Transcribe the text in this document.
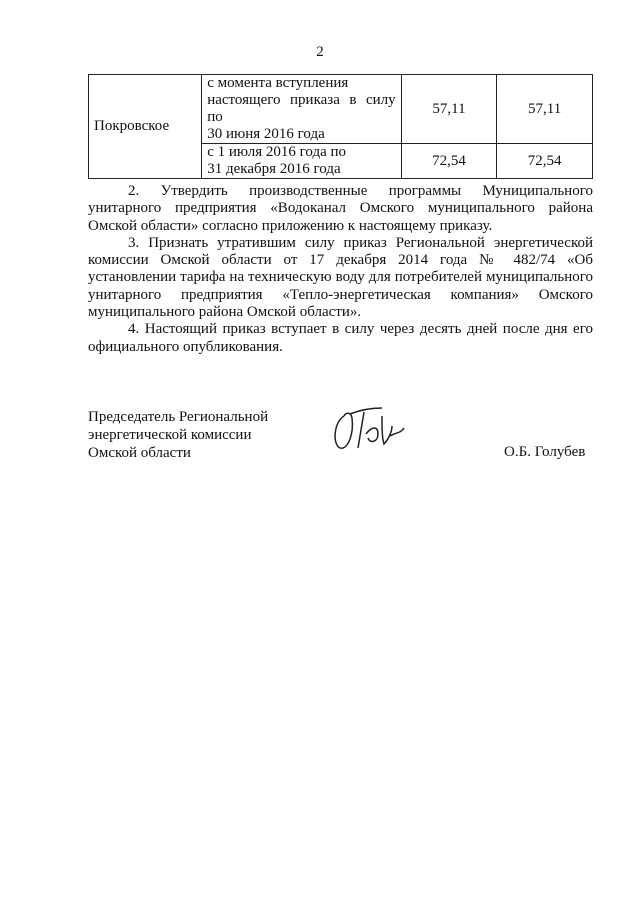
2
Покровское	с момента вступления
настоящего приказа в силу по
30 июня 2016 года	57,11	57,11
	с 1 июля 2016 года по
31 декабря 2016 года	72,54	72,54

2. Утвердить производственные программы Муниципального унитарного предприятия «Водоканал Омского муниципального района Омской области» согласно приложению к настоящему приказу.

3. Признать утратившим силу приказ Региональной энергетической комиссии Омской области от 17 декабря 2014 года № 482/74 «Об установлении тарифа на техническую воду для потребителей муниципального унитарного предприятия «Тепло-энергетическая компания» Омского муниципального района Омской области».

4. Настоящий приказ вступает в силу через десять дней после дня его официального опубликования.

Председатель Региональной
энергетической комиссии
Омской области	О.Б. Голубев
